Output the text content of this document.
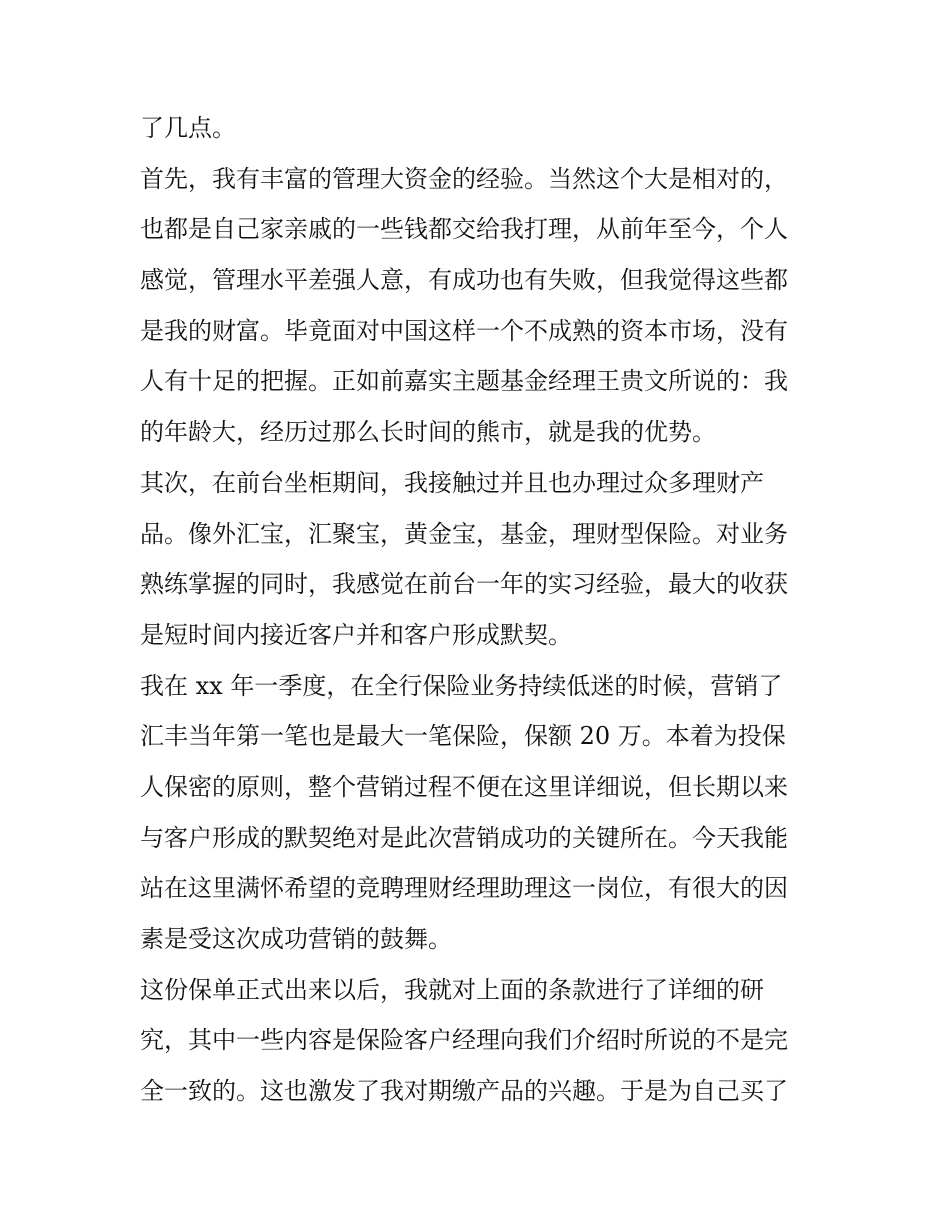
了几点。
首先，我有丰富的管理大资金的经验。当然这个大是相对的，
也都是自己家亲戚的一些钱都交给我打理，从前年至今，个人
感觉，管理水平差强人意，有成功也有失败，但我觉得这些都
是我的财富。毕竟面对中国这样一个不成熟的资本市场，没有
人有十足的把握。正如前嘉实主题基金经理王贵文所说的：我
的年龄大，经历过那么长时间的熊市，就是我的优势。
其次，在前台坐柜期间，我接触过并且也办理过众多理财产
品。像外汇宝，汇聚宝，黄金宝，基金，理财型保险。对业务
熟练掌握的同时，我感觉在前台一年的实习经验，最大的收获
是短时间内接近客户并和客户形成默契。
我在 xx 年一季度，在全行保险业务持续低迷的时候，营销了
汇丰当年第一笔也是最大一笔保险，保额 20 万。本着为投保
人保密的原则，整个营销过程不便在这里详细说，但长期以来
与客户形成的默契绝对是此次营销成功的关键所在。今天我能
站在这里满怀希望的竞聘理财经理助理这一岗位，有很大的因
素是受这次成功营销的鼓舞。
这份保单正式出来以后，我就对上面的条款进行了详细的研
究，其中一些内容是保险客户经理向我们介绍时所说的不是完
全一致的。这也激发了我对期缴产品的兴趣。于是为自己买了
